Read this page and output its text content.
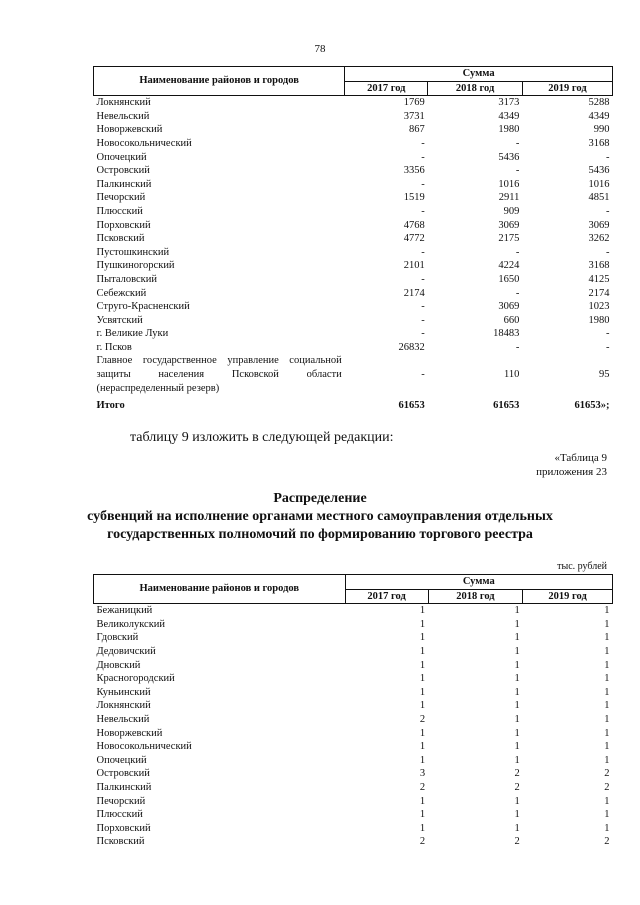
78
Наименование районов и городов	Сумма		
	2017 год	2018 год	2019 год
Локнянский	1769	3173	5288
Невельский	3731	4349	4349
Новоржевский	867	1980	990
Новосокольнический	-	-	3168
Опочецкий	-	5436	-
Островский	3356	-	5436
Палкинский	-	1016	1016
Печорский	1519	2911	4851
Плюсский	-	909	-
Порховский	4768	3069	3069
Псковский	4772	2175	3262
Пустошкинский	-	-	-
Пушкиногорский	2101	4224	3168
Пыталовский	-	1650	4125
Себежский	2174	-	2174
Струго-Красненский	-	3069	1023
Усвятский	-	660	1980
г. Великие Луки	-	18483	-
г. Псков	26832	-	-
Главное государственное управление социальной			
защиты населения Псковской области	-	110	95
(нераспределенный резерв)			
Итого	61653	61653	61653»;
таблицу 9 изложить в следующей редакции:
«Таблица 9
приложения 23
Распределение
субвенций на исполнение органами местного самоуправления отдельных
государственных полномочий по формированию торгового реестра
тыс. рублей
Наименование районов и городов	Сумма		
	2017 год	2018 год	2019 год
Бежаницкий	1	1	1
Великолукский	1	1	1
Гдовский	1	1	1
Дедовичский	1	1	1
Дновский	1	1	1
Красногородский	1	1	1
Куньинский	1	1	1
Локнянский	1	1	1
Невельский	2	1	1
Новоржевский	1	1	1
Новосокольнический	1	1	1
Опочецкий	1	1	1
Островский	3	2	2
Палкинский	2	2	2
Печорский	1	1	1
Плюсский	1	1	1
Порховский	1	1	1
Псковский	2	2	2
